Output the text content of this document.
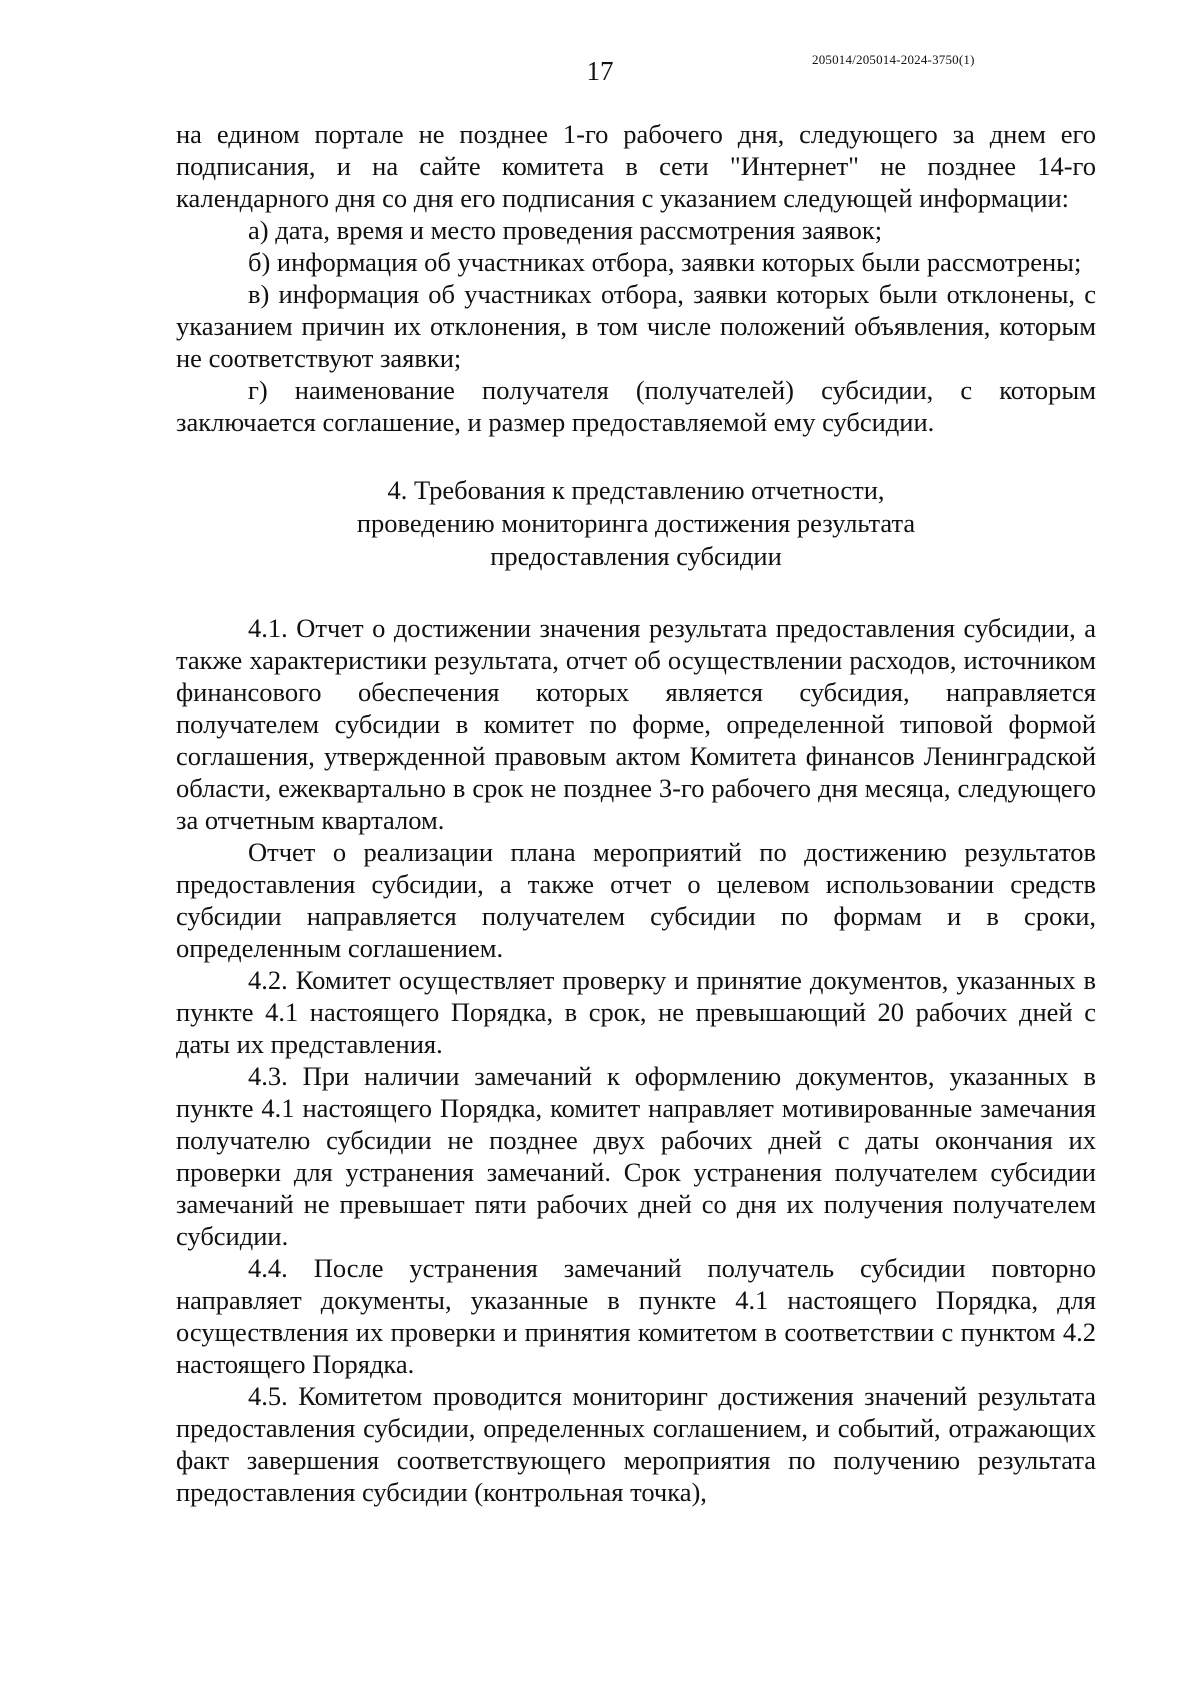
17	205014/205014-2024-3750(1)

на едином портале не позднее 1-го рабочего дня, следующего за днем его подписания, и на сайте комитета в сети "Интернет" не позднее 14-го календарного дня со дня его подписания с указанием следующей информации:

а) дата, время и место проведения рассмотрения заявок;

б) информация об участниках отбора, заявки которых были рассмотрены;

в) информация об участниках отбора, заявки которых были отклонены, с указанием причин их отклонения, в том числе положений объявления, которым не соответствуют заявки;

г) наименование получателя (получателей) субсидии, с которым заключается соглашение, и размер предоставляемой ему субсидии.

4. Требования к представлению отчетности,
проведению мониторинга достижения результата
предоставления субсидии

4.1. Отчет о достижении значения результата предоставления субсидии, а также характеристики результата, отчет об осуществлении расходов, источником финансового обеспечения которых является субсидия, направляется получателем субсидии в комитет по форме, определенной типовой формой соглашения, утвержденной правовым актом Комитета финансов Ленинградской области, ежеквартально в срок не позднее 3-го рабочего дня месяца, следующего за отчетным кварталом.

Отчет о реализации плана мероприятий по достижению результатов предоставления субсидии, а также отчет о целевом использовании средств субсидии направляется получателем субсидии по формам и в сроки, определенным соглашением.

4.2. Комитет осуществляет проверку и принятие документов, указанных в пункте 4.1 настоящего Порядка, в срок, не превышающий 20 рабочих дней с даты их представления.

4.3. При наличии замечаний к оформлению документов, указанных в пункте 4.1 настоящего Порядка, комитет направляет мотивированные замечания получателю субсидии не позднее двух рабочих дней с даты окончания их проверки для устранения замечаний. Срок устранения получателем субсидии замечаний не превышает пяти рабочих дней со дня их получения получателем субсидии.

4.4. После устранения замечаний получатель субсидии повторно направляет документы, указанные в пункте 4.1 настоящего Порядка, для осуществления их проверки и принятия комитетом в соответствии с пунктом 4.2 настоящего Порядка.

4.5. Комитетом проводится мониторинг достижения значений результата предоставления субсидии, определенных соглашением, и событий, отражающих факт завершения соответствующего мероприятия по получению результата предоставления субсидии (контрольная точка),
